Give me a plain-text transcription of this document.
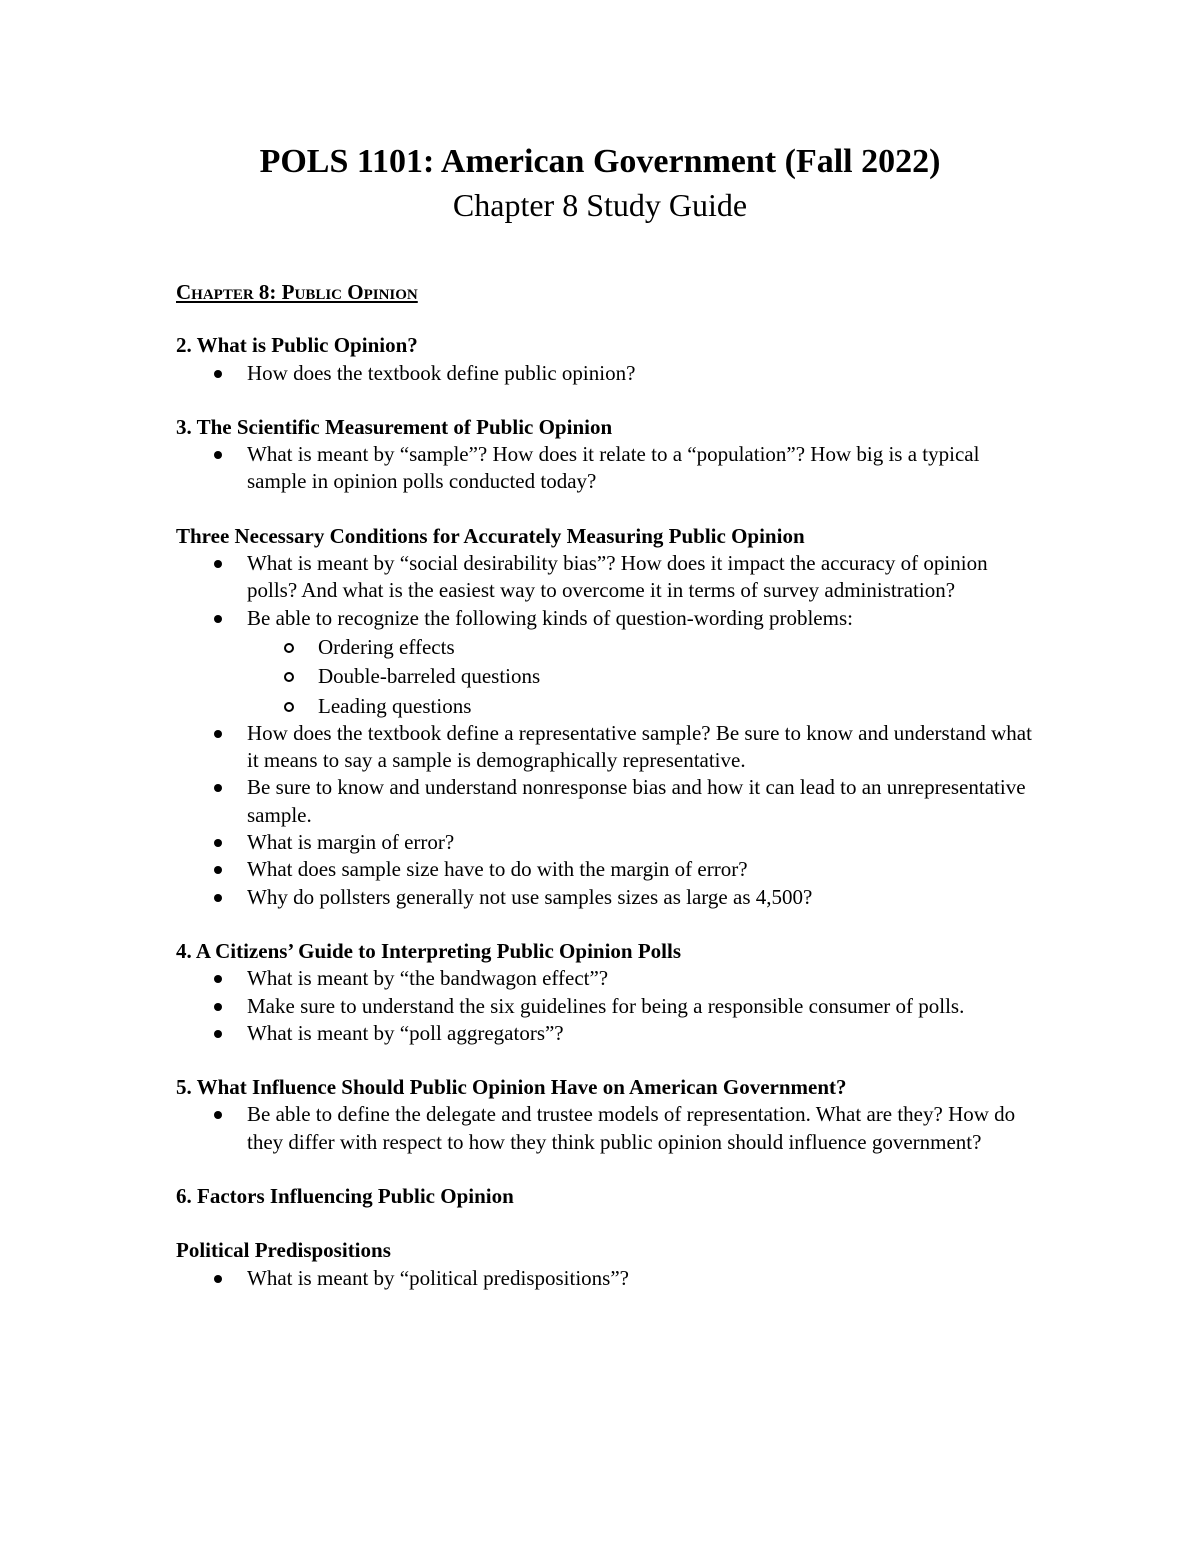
POLS 1101: American Government (Fall 2022)
Chapter 8 Study Guide
Chapter 8: Public Opinion
2. What is Public Opinion?
How does the textbook define public opinion?
3. The Scientific Measurement of Public Opinion
What is meant by “sample”? How does it relate to a “population”? How big is a typical sample in opinion polls conducted today?
Three Necessary Conditions for Accurately Measuring Public Opinion
What is meant by “social desirability bias”? How does it impact the accuracy of opinion polls? And what is the easiest way to overcome it in terms of survey administration?
Be able to recognize the following kinds of question-wording problems:
Ordering effects
Double-barreled questions
Leading questions
How does the textbook define a representative sample? Be sure to know and understand what it means to say a sample is demographically representative.
Be sure to know and understand nonresponse bias and how it can lead to an unrepresentative sample.
What is margin of error?
What does sample size have to do with the margin of error?
Why do pollsters generally not use samples sizes as large as 4,500?
4. A Citizens’ Guide to Interpreting Public Opinion Polls
What is meant by “the bandwagon effect”?
Make sure to understand the six guidelines for being a responsible consumer of polls.
What is meant by “poll aggregators”?
5. What Influence Should Public Opinion Have on American Government?
Be able to define the delegate and trustee models of representation. What are they? How do they differ with respect to how they think public opinion should influence government?
6. Factors Influencing Public Opinion
Political Predispositions
What is meant by “political predispositions”?
